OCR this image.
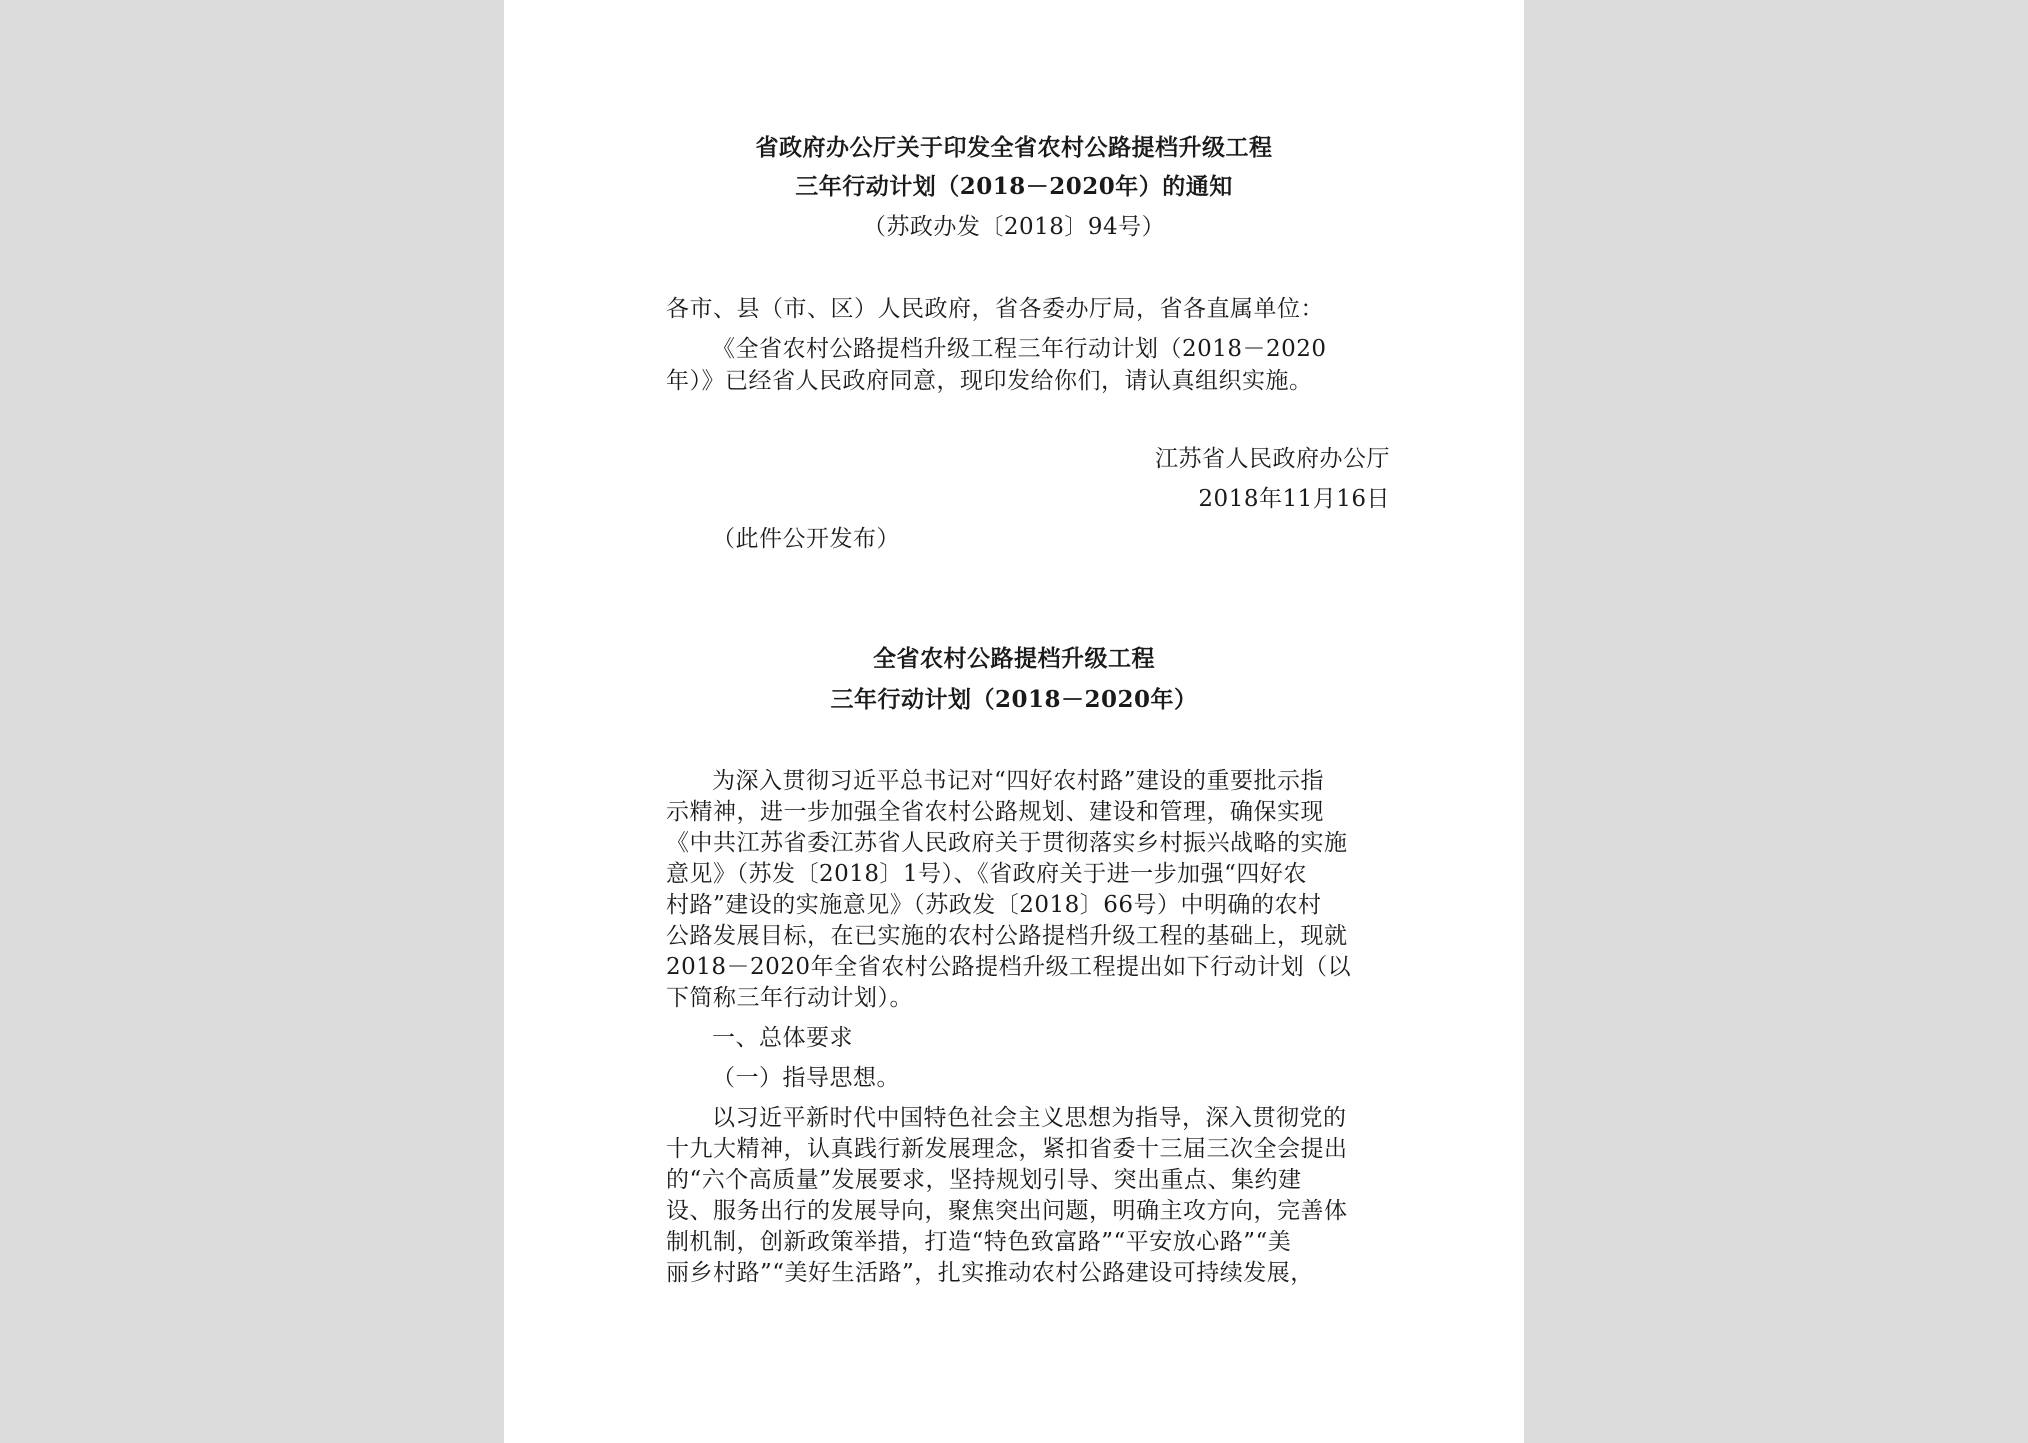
省政府办公厅关于印发全省农村公路提档升级工程
三年行动计划（2018－2020年）的通知
（苏政办发〔2018〕94号）
各市、县（市、区）人民政府，省各委办厅局，省各直属单位：
《全省农村公路提档升级工程三年行动计划（2018－2020
年）》已经省人民政府同意，现印发给你们，请认真组织实施。
江苏省人民政府办公厅
2018年11月16日
（此件公开发布）
全省农村公路提档升级工程
三年行动计划（2018－2020年）
为深入贯彻习近平总书记对“四好农村路”建设的重要批示指
示精神，进一步加强全省农村公路规划、建设和管理，确保实现
《中共江苏省委江苏省人民政府关于贯彻落实乡村振兴战略的实施
意见》（苏发〔2018〕1号）、《省政府关于进一步加强“四好农
村路”建设的实施意见》（苏政发〔2018〕66号）中明确的农村
公路发展目标，在已实施的农村公路提档升级工程的基础上，现就
2018－2020年全省农村公路提档升级工程提出如下行动计划（以
下简称三年行动计划）。
一、总体要求
（一）指导思想。
以习近平新时代中国特色社会主义思想为指导，深入贯彻党的
十九大精神，认真践行新发展理念，紧扣省委十三届三次全会提出
的“六个高质量”发展要求，坚持规划引导、突出重点、集约建
设、服务出行的发展导向，聚焦突出问题，明确主攻方向，完善体
制机制，创新政策举措，打造“特色致富路”“平安放心路”“美
丽乡村路”“美好生活路”，扎实推动农村公路建设可持续发展，
